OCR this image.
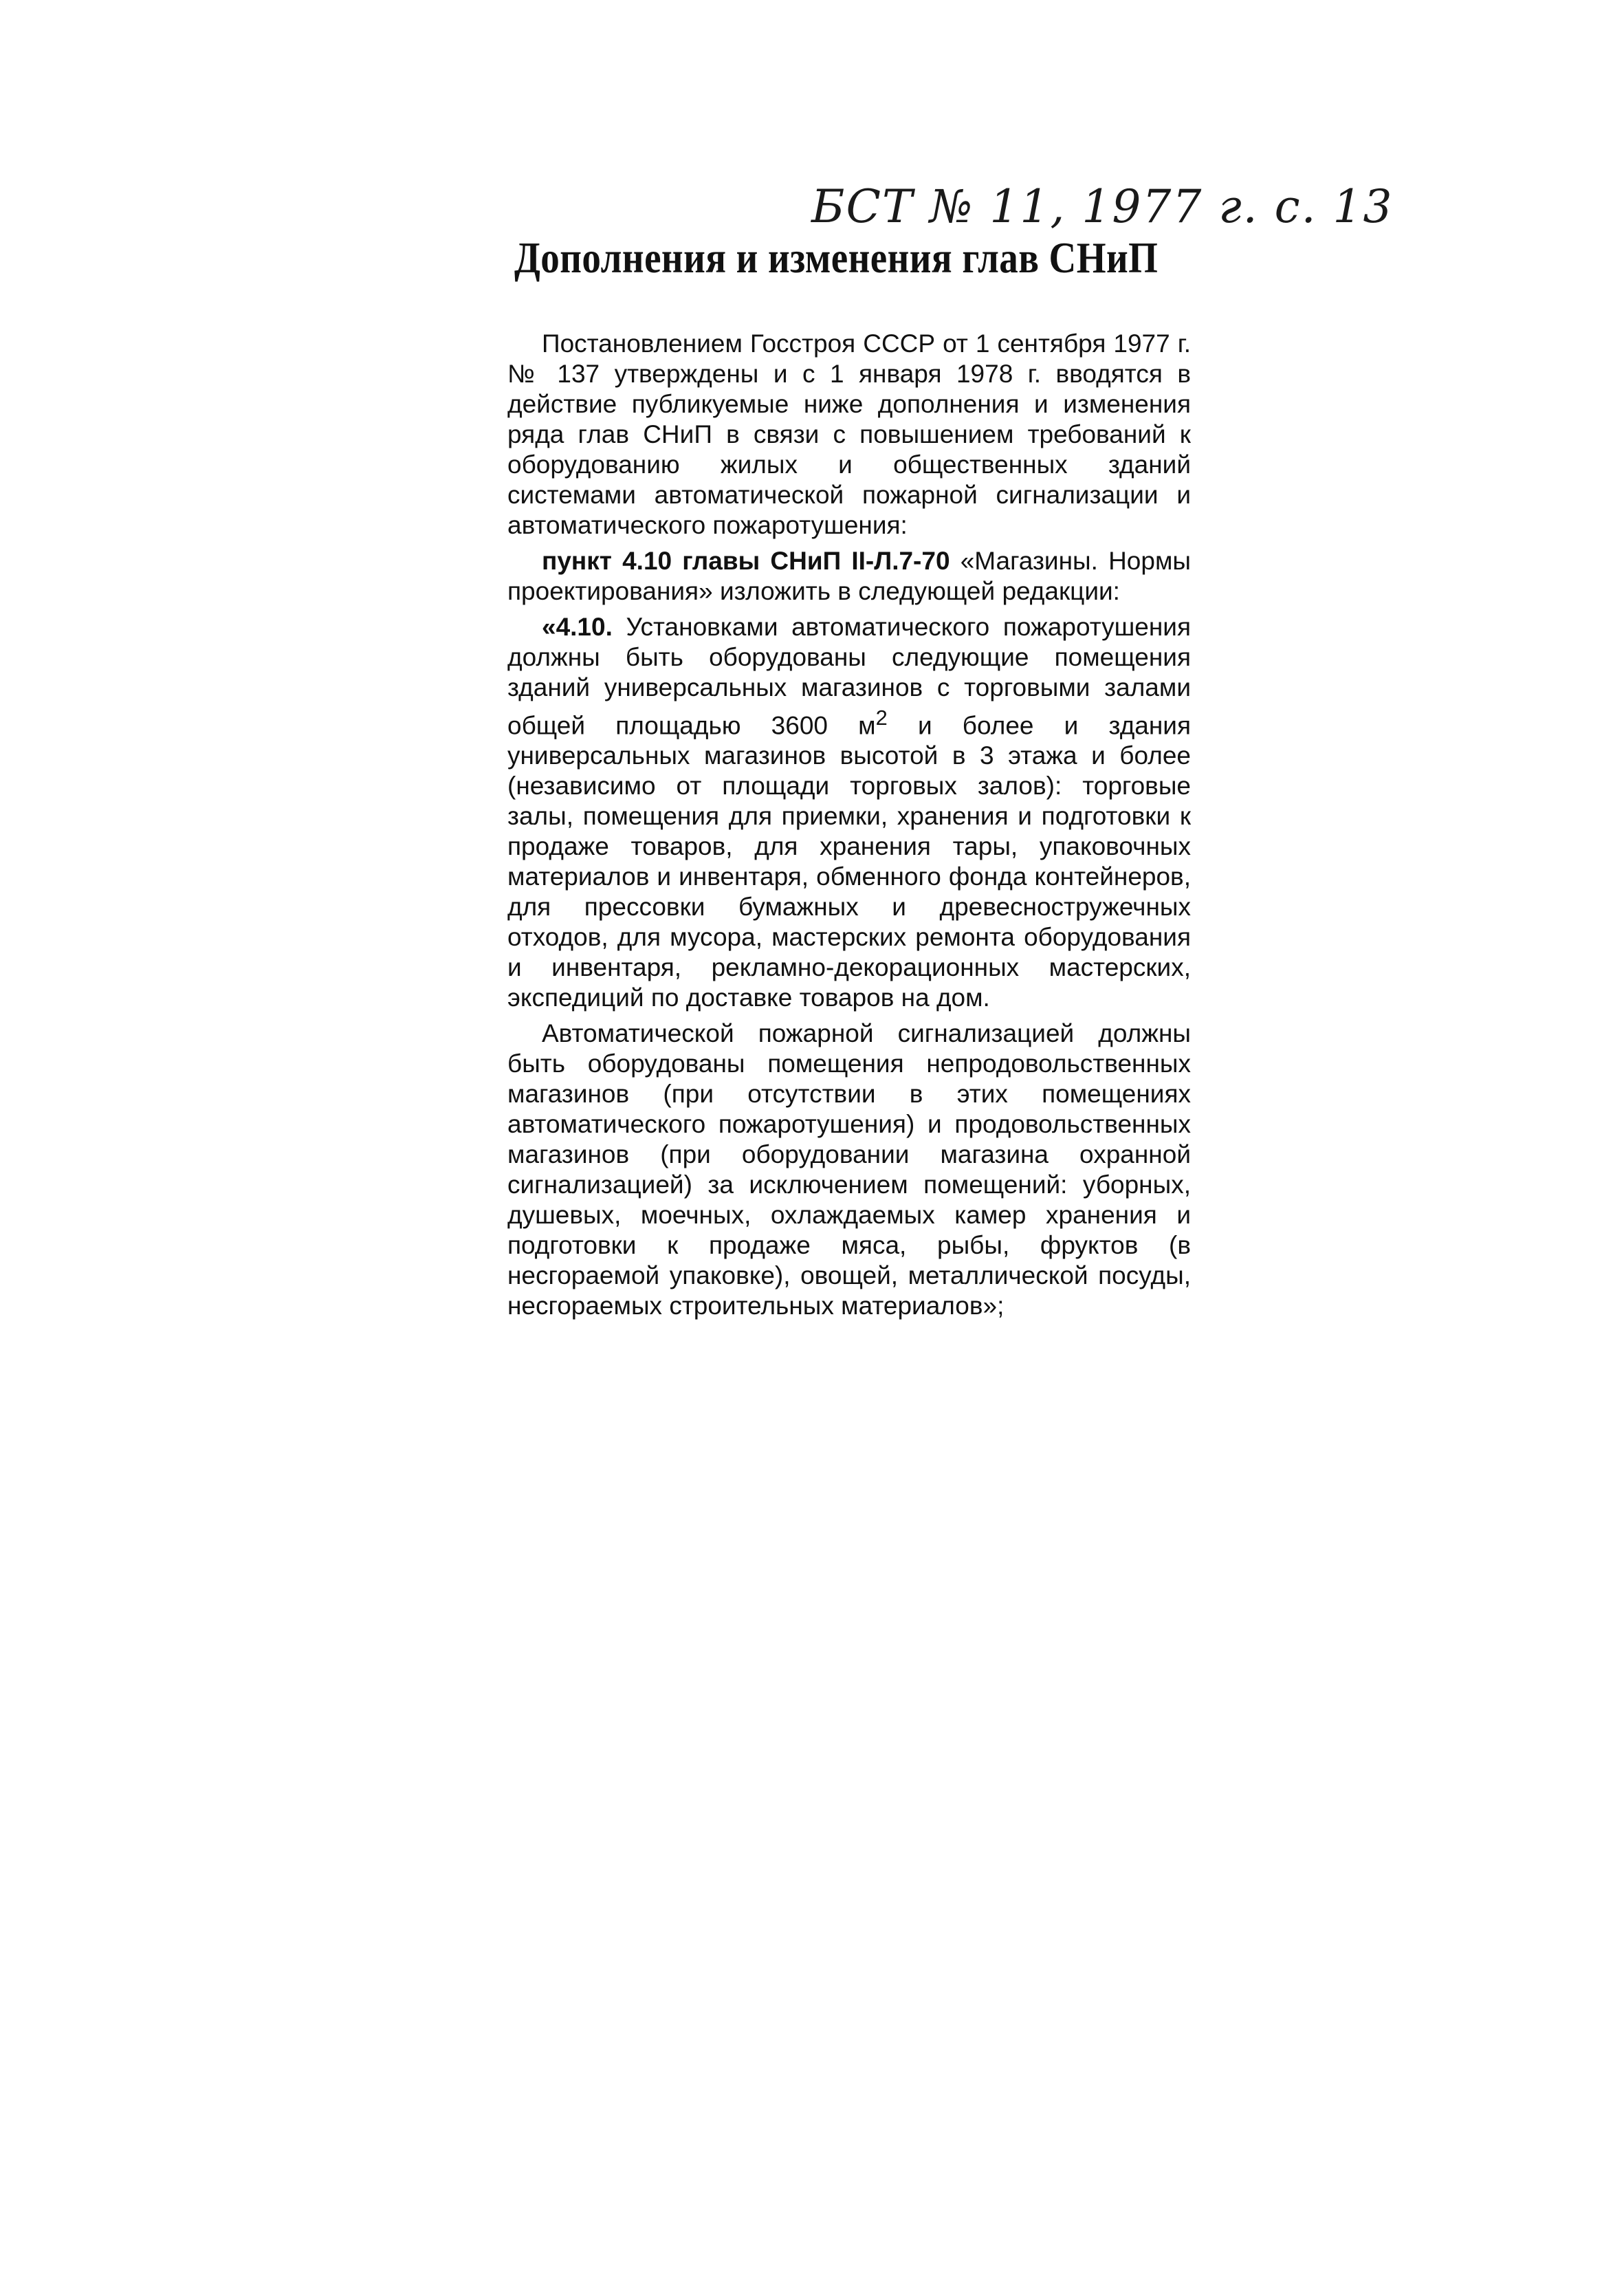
БСТ № 11, 1977 г. с. 13
Дополнения и изменения глав СНиП

Постановлением Госстроя СССР от 1 сентября 1977 г. № 137 утверждены и с 1 января 1978 г. вводятся в действие публикуемые ниже дополнения и изменения ряда глав СНиП в связи с повышением требований к оборудованию жилых и общественных зданий системами автоматической пожарной сигнализации и автоматического пожаротушения:

пункт 4.10 главы СНиП II-Л.7-70 «Магазины. Нормы проектирования» изложить в следующей редакции:

«4.10. Установками автоматического пожаротушения должны быть оборудованы следующие помещения зданий универсальных магазинов с торговыми залами общей площадью 3600 $м^2$ и более и здания универсальных магазинов высотой в 3 этажа и более (независимо от площади торговых залов): торговые залы, помещения для приемки, хранения и подготовки к продаже товаров, для хранения тары, упаковочных материалов и инвентаря, обменного фонда контейнеров, для прессовки бумажных и древесностружечных отходов, для мусора, мастерских ремонта оборудования и инвентаря, рекламно-декорационных мастерских, экспедиций по доставке товаров на дом.

Автоматической пожарной сигнализацией должны быть оборудованы помещения непродовольственных магазинов (при отсутствии в этих помещениях автоматического пожаротушения) и продовольственных магазинов (при оборудовании магазина охранной сигнализацией) за исключением помещений: уборных, душевых, моечных, охлаждаемых камер хранения и подготовки к продаже мяса, рыбы, фруктов (в несгораемой упаковке), овощей, металлической посуды, несгораемых строительных материалов»;
